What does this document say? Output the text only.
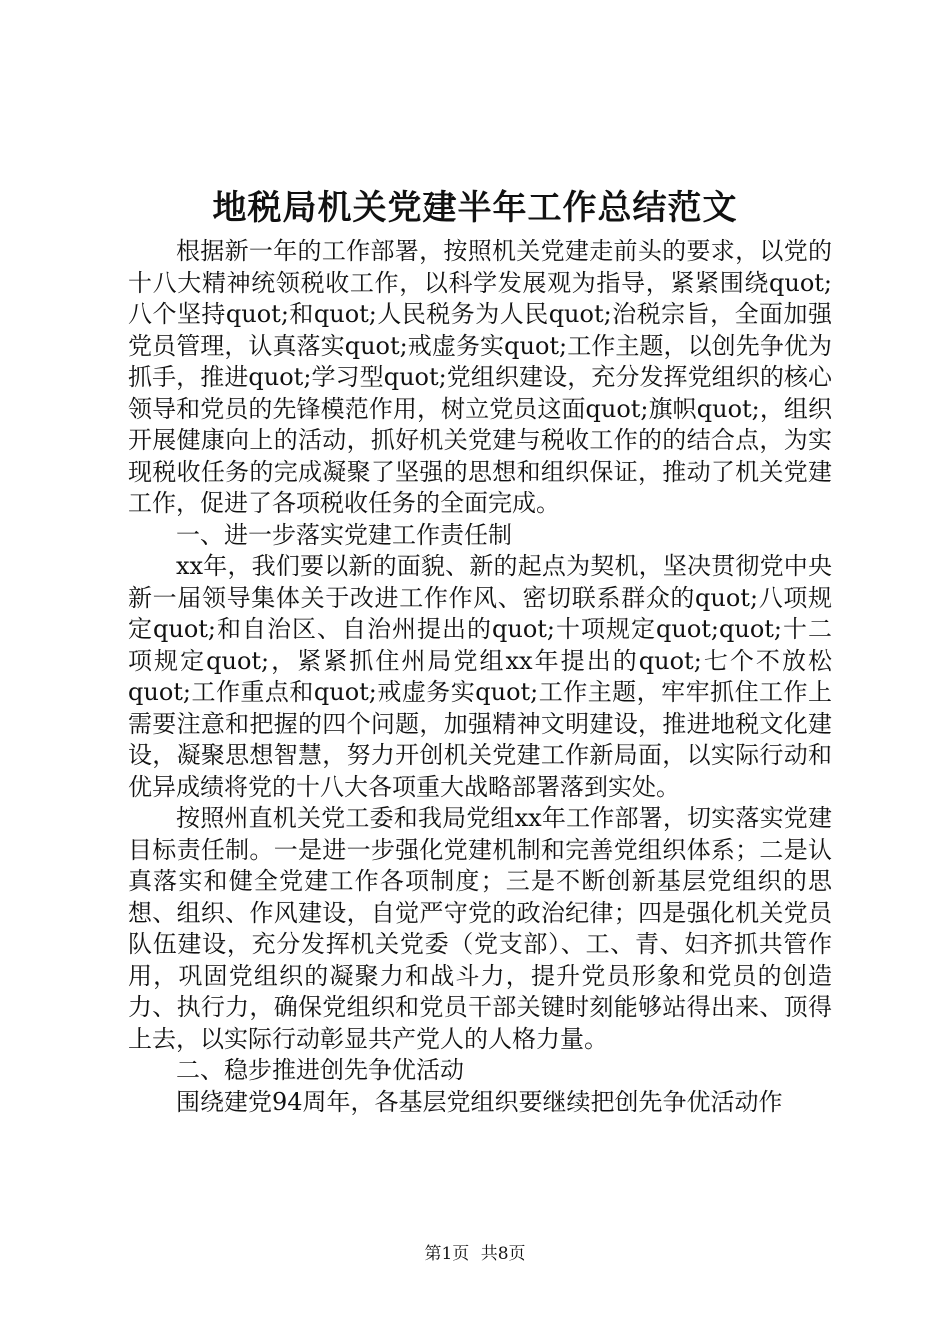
地税局机关党建半年工作总结范文

根据新一年的工作部署，按照机关党建走前头的要求，以党的十八大精神统领税收工作，以科学发展观为指导，紧紧围绕quot;八个坚持quot;和quot;人民税务为人民quot;治税宗旨，全面加强党员管理，认真落实quot;戒虚务实quot;工作主题，以创先争优为抓手，推进quot;学习型quot;党组织建设，充分发挥党组织的核心领导和党员的先锋模范作用，树立党员这面quot;旗帜quot;，组织开展健康向上的活动，抓好机关党建与税收工作的的结合点，为实现税收任务的完成凝聚了坚强的思想和组织保证，推动了机关党建工作，促进了各项税收任务的全面完成。

一、进一步落实党建工作责任制

xx年，我们要以新的面貌、新的起点为契机，坚决贯彻党中央新一届领导集体关于改进工作作风、密切联系群众的quot;八项规定quot;和自治区、自治州提出的quot;十项规定quot;quot;十二项规定quot;，紧紧抓住州局党组xx年提出的quot;七个不放松quot;工作重点和quot;戒虚务实quot;工作主题，牢牢抓住工作上需要注意和把握的四个问题，加强精神文明建设，推进地税文化建设，凝聚思想智慧，努力开创机关党建工作新局面，以实际行动和优异成绩将党的十八大各项重大战略部署落到实处。

按照州直机关党工委和我局党组xx年工作部署，切实落实党建目标责任制。一是进一步强化党建机制和完善党组织体系；二是认真落实和健全党建工作各项制度；三是不断创新基层党组织的思想、组织、作风建设，自觉严守党的政治纪律；四是强化机关党员队伍建设，充分发挥机关党委（党支部）、工、青、妇齐抓共管作用，巩固党组织的凝聚力和战斗力，提升党员形象和党员的创造力、执行力，确保党组织和党员干部关键时刻能够站得出来、顶得上去，以实际行动彰显共产党人的人格力量。

二、稳步推进创先争优活动

围绕建党94周年，各基层党组织要继续把创先争优活动作

第1页 共8页
